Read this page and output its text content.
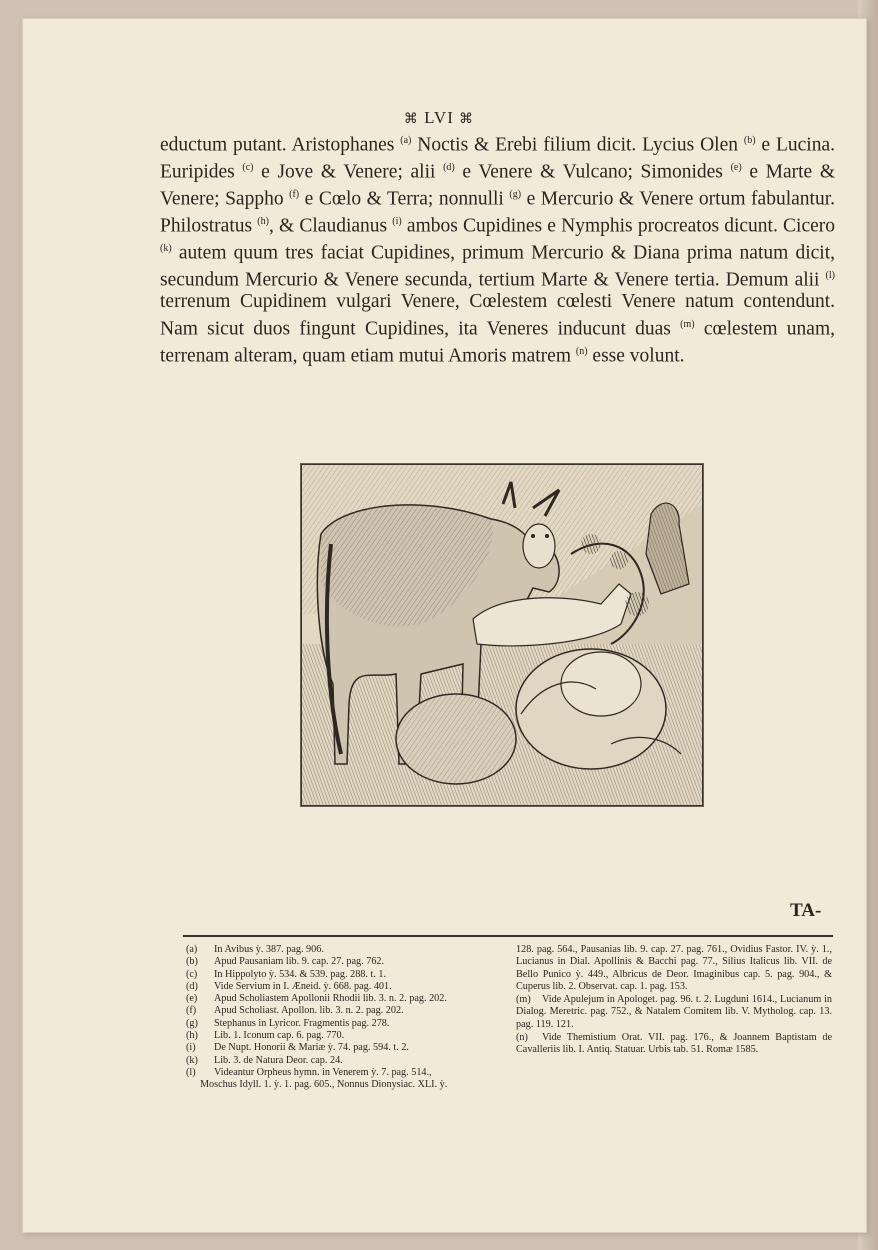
⌘ LVI ⌘

eductum putant. Aristophanes $^{(a)}$ Noctis & Erebi filium dicit. Lycius Olen $^{(b)}$ e Lucina. Euripides $^{(c)}$ e Jove & Venere; alii $^{(d)}$ e Venere & Vulcano; Simonides $^{(e)}$ e Marte & Venere; Sappho $^{(f)}$ e Cœlo & Terra; nonnulli $^{(g)}$ e Mercurio & Venere ortum fabulantur. Philostratus $^{(h)}$, & Claudianus $^{(i)}$ ambos Cupidines e Nymphis procreatos dicunt. Cicero $^{(k)}$ autem quum tres faciat Cupidines, primum Mercurio & Diana prima natum dicit, secundum Mercurio & Venere secunda, tertium Marte & Venere tertia. Demum alii $^{(l)}$ terrenum Cupidinem vulgari Venere, Cœlestem cœlesti Venere natum contendunt. Nam sicut duos fingunt Cupidines, ita Veneres inducunt duas $^{(m)}$ cœlestem unam, terrenam alteram, quam etiam mutui Amoris matrem $^{(n)}$ esse volunt.

TA-
(a)	In Avibus ỳ. 387. pag. 906.
(b)	Apud Pausaniam lib. 9. cap. 27. pag. 762.
(c)	In Hippolyto ỳ. 534. & 539. pag. 288. t. 1.
(d)	Vide Servium in I. Æneid. ỳ. 668. pag. 401.
(e)	Apud Scholiastem Apollonii Rhodii lib. 3. n. 2. pag. 202.
(f)	Apud Scholiast. Apollon. lib. 3. n. 2. pag. 202.
(g)	Stephanus in Lyricor. Fragmentis pag. 278.
(h)	Lib. 1. Iconum cap. 6. pag. 770.
(i)	De Nupt. Honorii & Mariæ ỳ. 74. pag. 594. t. 2.
(k)	Lib. 3. de Natura Deor. cap. 24.
(l)	Videantur Orpheus hymn. in Venerem ỳ. 7. pag. 514.,
Moschus Idyll. 1. ỳ. 1. pag. 605., Nonnus Dionysiac. XLI. ỳ.
128. pag. 564., Pausanias lib. 9. cap. 27. pag. 761., Ovidius Fastor. IV. ỳ. 1., Lucianus in Dial. Apollinis & Bacchi pag. 77., Silius Italicus lib. VII. de Bello Punico ỳ. 449., Albricus de Deor. Imaginibus cap. 5. pag. 904., & Cuperus lib. 2. Observat. cap. 1. pag. 153.
(m) Vide Apulejum in Apologet. pag. 96. t. 2. Lugduni 1614., Lucianum in Dialog. Meretric. pag. 752., & Natalem Comitem lib. V. Mytholog. cap. 13. pag. 119. 121.
(n) Vide Themistium Orat. VII. pag. 176., & Joannem Baptistam de Cavalleriis lib. I. Antiq. Statuar. Urbis tab. 51. Romæ 1585.
